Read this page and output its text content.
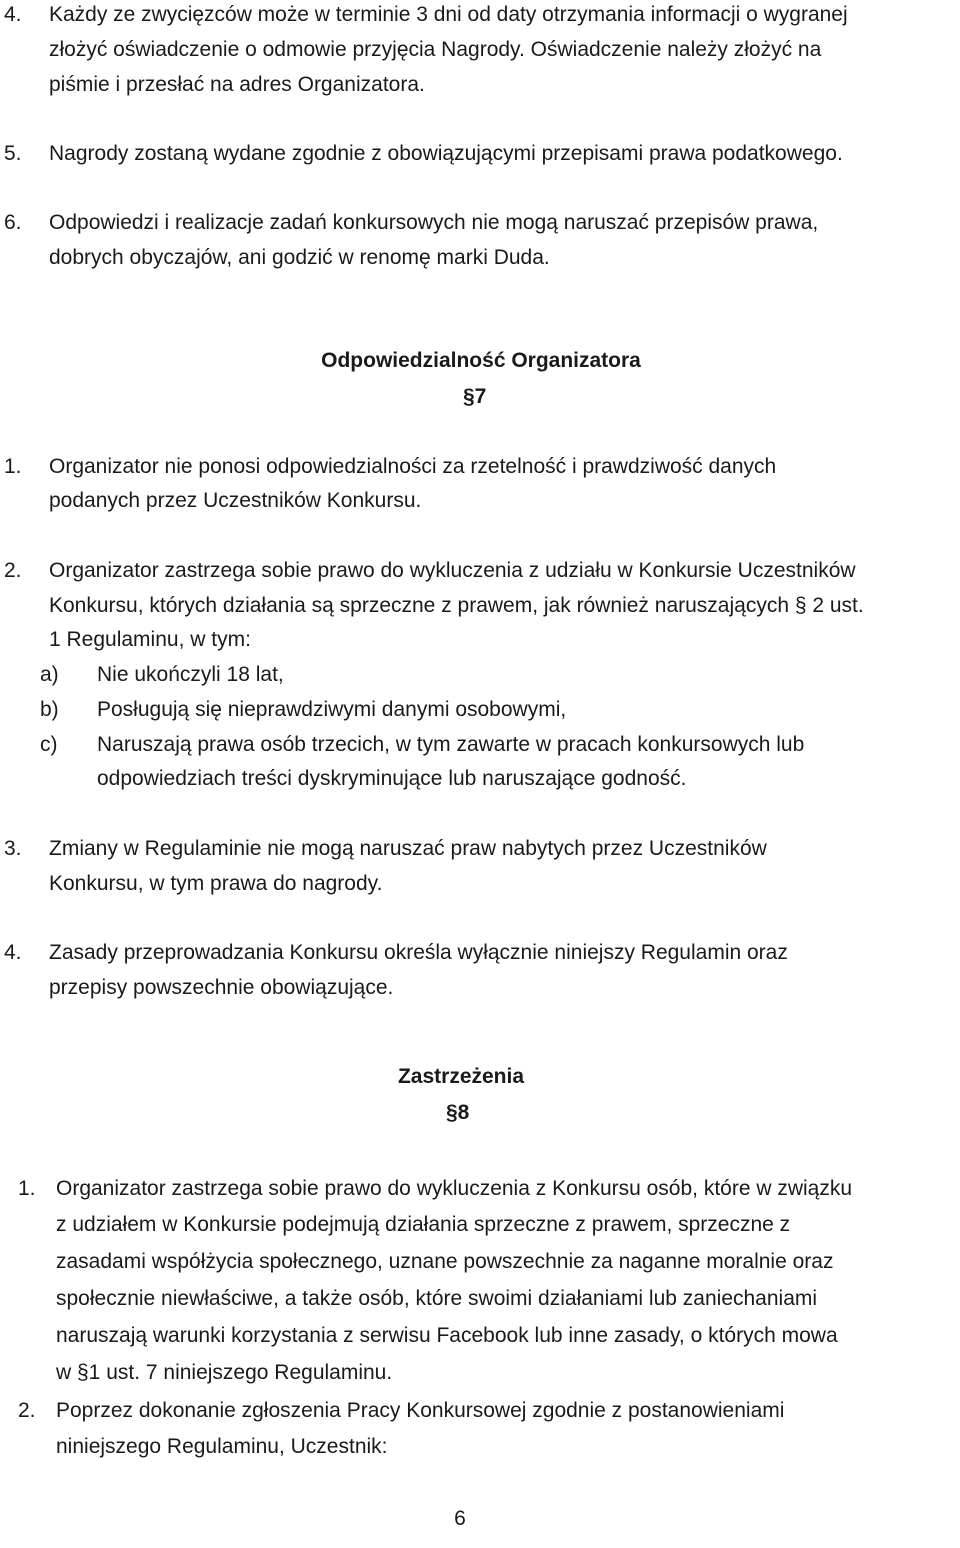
4. Każdy ze zwycięzców może w terminie 3 dni od daty otrzymania informacji o wygranej
złożyć oświadczenie o odmowie przyjęcia Nagrody. Oświadczenie należy złożyć na
piśmie i przesłać na adres Organizatora.
5. Nagrody zostaną wydane zgodnie z obowiązującymi przepisami prawa podatkowego.
6. Odpowiedzi i realizacje zadań konkursowych nie mogą naruszać przepisów prawa,
dobrych obyczajów, ani godzić w renomę marki Duda.
Odpowiedzialność Organizatora
§7
1. Organizator nie ponosi odpowiedzialności za rzetelność i prawdziwość danych
podanych przez Uczestników Konkursu.
2. Organizator zastrzega sobie prawo do wykluczenia z udziału w Konkursie Uczestników
Konkursu, których działania są sprzeczne z prawem, jak również naruszających § 2 ust.
1 Regulaminu, w tym:
a) Nie ukończyli 18 lat,
b) Posługują się nieprawdziwymi danymi osobowymi,
c) Naruszają prawa osób trzecich, w tym zawarte w pracach konkursowych lub
odpowiedziach treści dyskryminujące lub naruszające godność.
3. Zmiany w Regulaminie nie mogą naruszać praw nabytych przez Uczestników
Konkursu, w tym prawa do nagrody.
4. Zasady przeprowadzania Konkursu określa wyłącznie niniejszy Regulamin oraz
przepisy powszechnie obowiązujące.
Zastrzeżenia
§8
1. Organizator zastrzega sobie prawo do wykluczenia z Konkursu osób, które w związku
z udziałem w Konkursie podejmują działania sprzeczne z prawem, sprzeczne z
zasadami współżycia społecznego, uznane powszechnie za naganne moralnie oraz
społecznie niewłaściwe, a także osób, które swoimi działaniami lub zaniechaniami
naruszają warunki korzystania z serwisu Facebook lub inne zasady, o których mowa
w §1 ust. 7 niniejszego Regulaminu.
2. Poprzez dokonanie zgłoszenia Pracy Konkursowej zgodnie z postanowieniami
niniejszego Regulaminu, Uczestnik:
6
